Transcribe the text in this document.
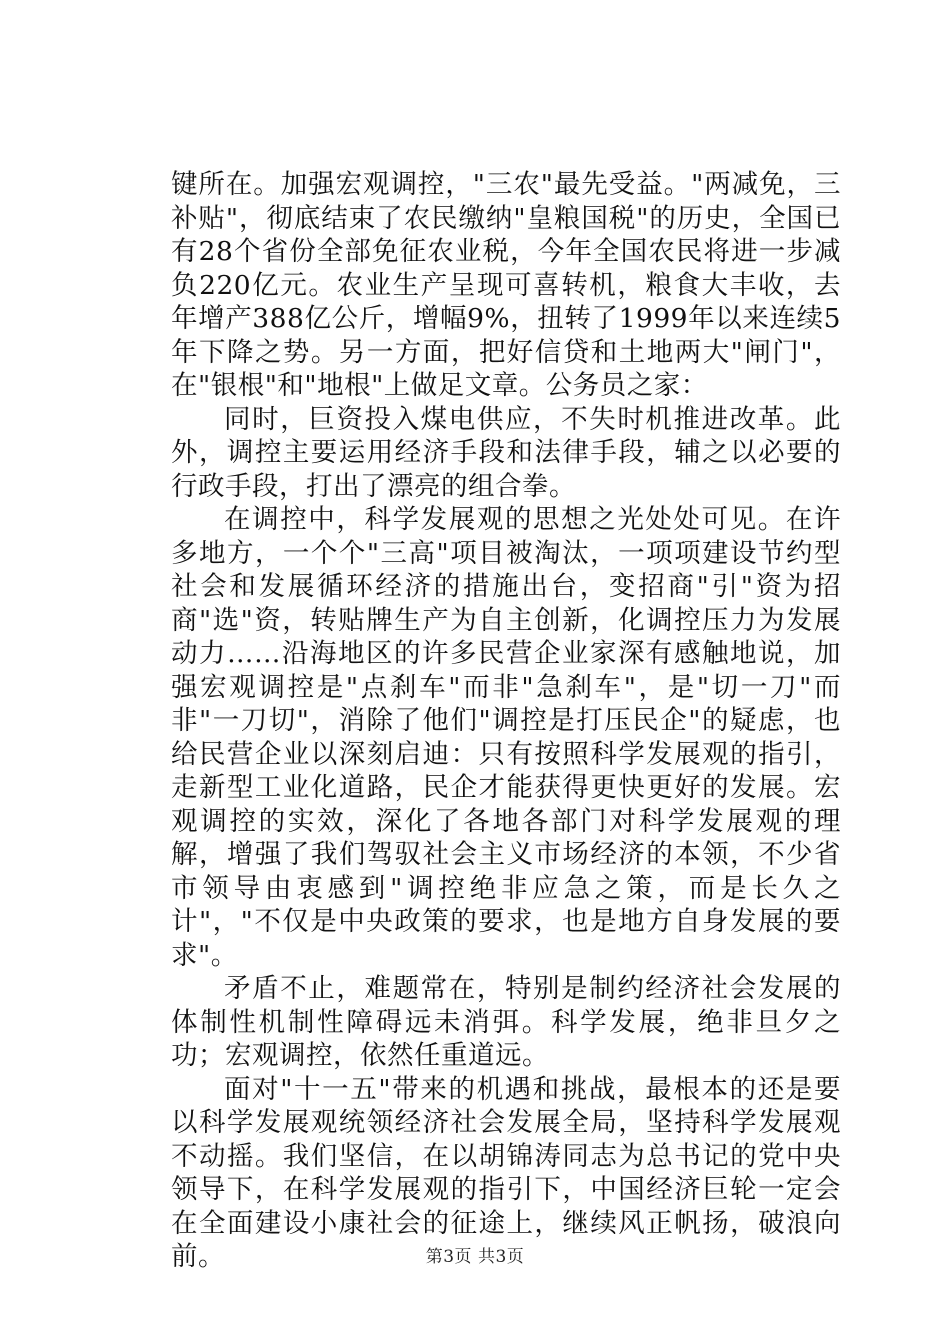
键所在。加强宏观调控，"三农"最先受益。"两减免，三补贴"，彻底结束了农民缴纳"皇粮国税"的历史，全国已有28个省份全部免征农业税，今年全国农民将进一步减负220亿元。农业生产呈现可喜转机，粮食大丰收，去年增产388亿公斤，增幅9%，扭转了1999年以来连续5年下降之势。另一方面，把好信贷和土地两大"闸门"，在"银根"和"地根"上做足文章。公务员之家：

同时，巨资投入煤电供应，不失时机推进改革。此外，调控主要运用经济手段和法律手段，辅之以必要的行政手段，打出了漂亮的组合拳。

在调控中，科学发展观的思想之光处处可见。在许多地方，一个个"三高"项目被淘汰，一项项建设节约型社会和发展循环经济的措施出台，变招商"引"资为招商"选"资，转贴牌生产为自主创新，化调控压力为发展动力……沿海地区的许多民营企业家深有感触地说，加强宏观调控是"点刹车"而非"急刹车"，是"切一刀"而非"一刀切"，消除了他们"调控是打压民企"的疑虑，也给民营企业以深刻启迪：只有按照科学发展观的指引，走新型工业化道路，民企才能获得更快更好的发展。宏观调控的实效，深化了各地各部门对科学发展观的理解，增强了我们驾驭社会主义市场经济的本领，不少省市领导由衷感到"调控绝非应急之策，而是长久之计"，"不仅是中央政策的要求，也是地方自身发展的要求"。

矛盾不止，难题常在，特别是制约经济社会发展的体制性机制性障碍远未消弭。科学发展，绝非旦夕之功；宏观调控，依然任重道远。

面对"十一五"带来的机遇和挑战，最根本的还是要以科学发展观统领经济社会发展全局，坚持科学发展观不动摇。我们坚信，在以胡锦涛同志为总书记的党中央领导下，在科学发展观的指引下，中国经济巨轮一定会在全面建设小康社会的征途上，继续风正帆扬，破浪向前。	第3页 共3页
